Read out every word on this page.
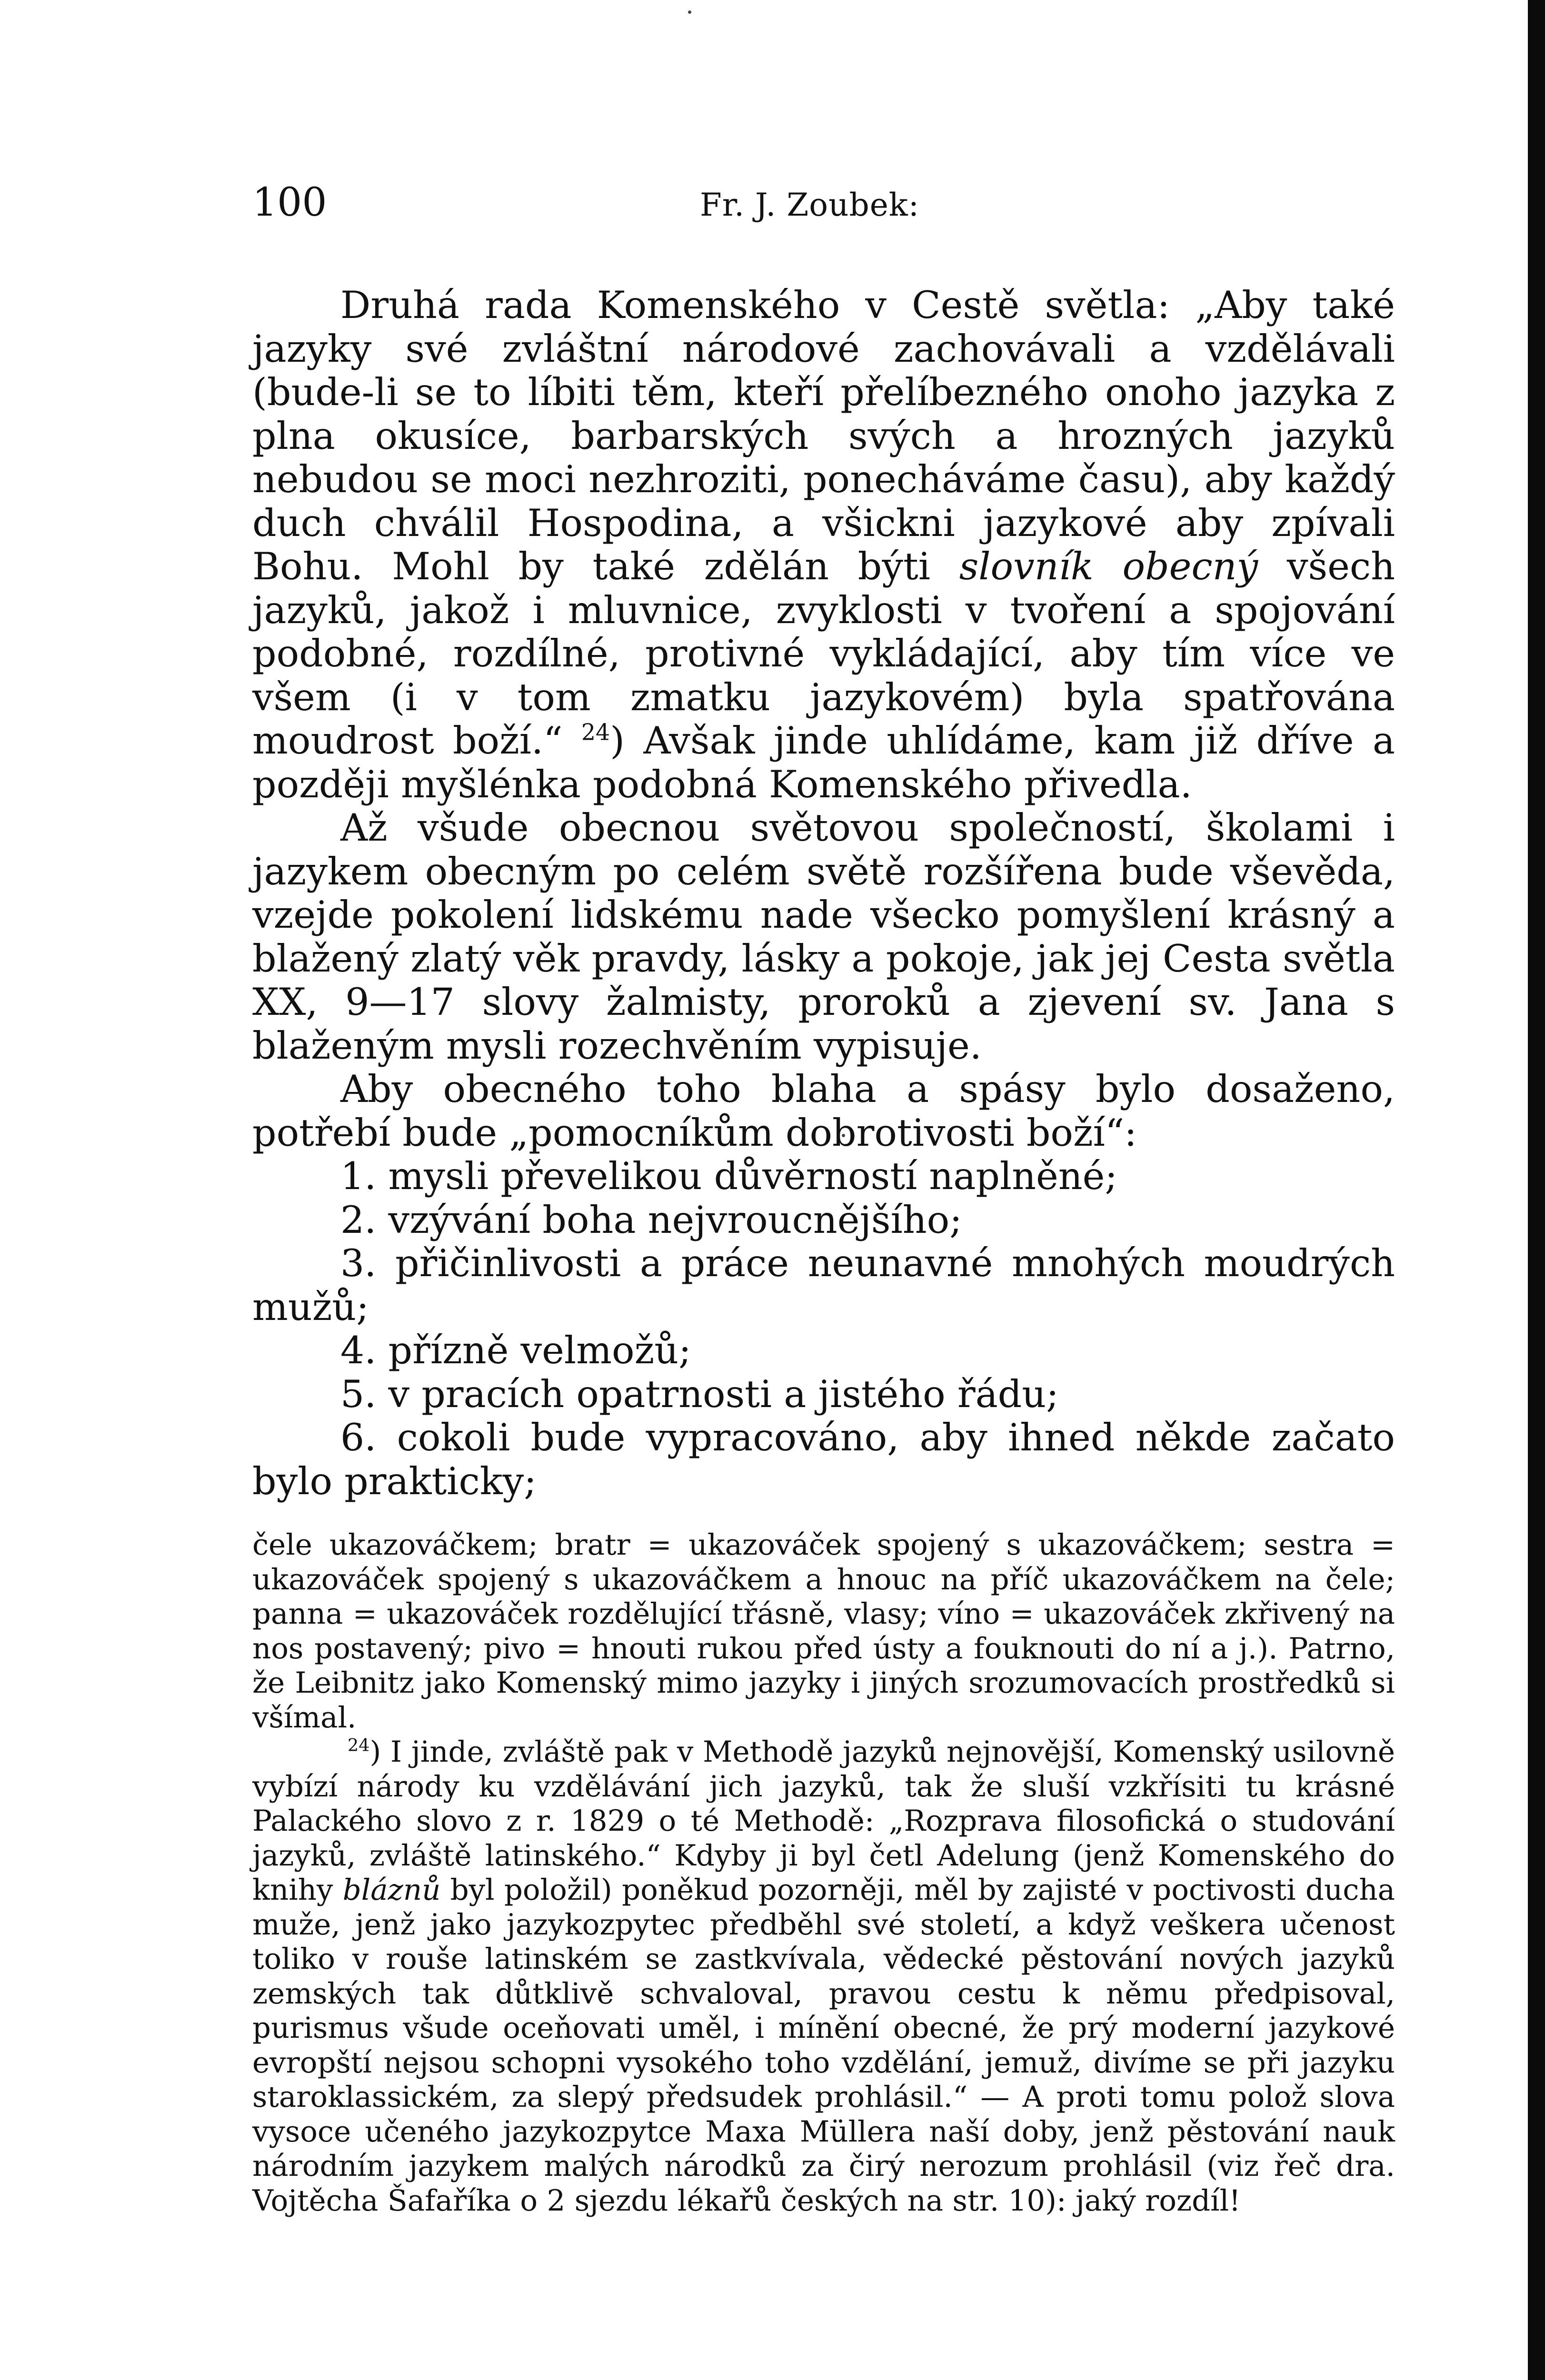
100	Fr. J. Zoubek:

Druhá rada Komenského v Cestě světla: „Aby také jazyky své zvláštní národové zachovávali a vzdělávali (bude-li se to líbiti těm, kteří přelíbezného onoho jazyka z plna okusíce, barbarských svých a hrozných jazyků nebudou se moci nezhroziti, ponecháváme času), aby každý duch chválil Hospodina, a všickni jazykové aby zpívali Bohu. Mohl by také zdělán býti slovník obecný všech jazyků, jakož i mluvnice, zvyklosti v tvoření a spojování podobné, rozdílné, protivné vykládající, aby tím více ve všem (i v tom zmatku jazykovém) byla spatřována moudrost boží.“ $^{24}$) Avšak jinde uhlídáme, kam již dříve a později myšlénka podobná Komenského přivedla.

Až všude obecnou světovou společností, školami i jazykem obecným po celém světě rozšířena bude vševěda, vzejde pokolení lidskému nade všecko pomyšlení krásný a blažený zlatý věk pravdy, lásky a pokoje, jak jej Cesta světla XX, 9—17 slovy žalmisty, proroků a zjevení sv. Jana s blaženým mysli rozechvěním vypisuje.

Aby obecného toho blaha a spásy bylo dosaženo, potřebí bude „pomocníkům dobrotivosti boží“:

1. mysli převelikou důvěrností naplněné;

2. vzývání boha nejvroucnějšího;

3. přičinlivosti a práce neunavné mnohých moudrých mužů;

4. přízně velmožů;

5. v pracích opatrnosti a jistého řádu;

6. cokoli bude vypracováno, aby ihned někde začato bylo prakticky;

čele ukazováčkem; bratr = ukazováček spojený s ukazováčkem; sestra = ukazováček spojený s ukazováčkem a hnouc na příč ukazováčkem na čele; panna = ukazováček rozdělující třásně, vlasy; víno = ukazováček zkřivený na nos postavený; pivo = hnouti rukou před ústy a fouknouti do ní a j.). Patrno, že Leibnitz jako Komenský mimo jazyky i jiných srozumovacích prostředků si všímal.

$^{24}$) I jinde, zvláště pak v Methodě jazyků nejnovější, Komenský usilovně vybízí národy ku vzdělávání jich jazyků, tak že sluší vzkřísiti tu krásné Palackého slovo z r. 1829 o té Methodě: „Rozprava filosofická o studování jazyků, zvláště latinského.“ Kdyby ji byl četl Adelung (jenž Komenského do knihy bláznů byl položil) poněkud pozorněji, měl by zajisté v poctivosti ducha muže, jenž jako jazykozpytec předběhl své století, a když veškera učenost toliko v rouše latinském se zastkvívala, vědecké pěstování nových jazyků zemských tak důtklivě schvaloval, pravou cestu k němu předpisoval, purismus všude oceňovati uměl, i mínění obecné, že prý moderní jazykové evropští nejsou schopni vysokého toho vzdělání, jemuž, divíme se při jazyku staroklassickém, za slepý předsudek prohlásil.“ — A proti tomu polož slova vysoce učeného jazykozpytce Maxa Müllera naší doby, jenž pěstování nauk národním jazykem malých národků za čirý nerozum prohlásil (viz řeč dra. Vojtěcha Šafaříka o 2 sjezdu lékařů českých na str. 10): jaký rozdíl!
